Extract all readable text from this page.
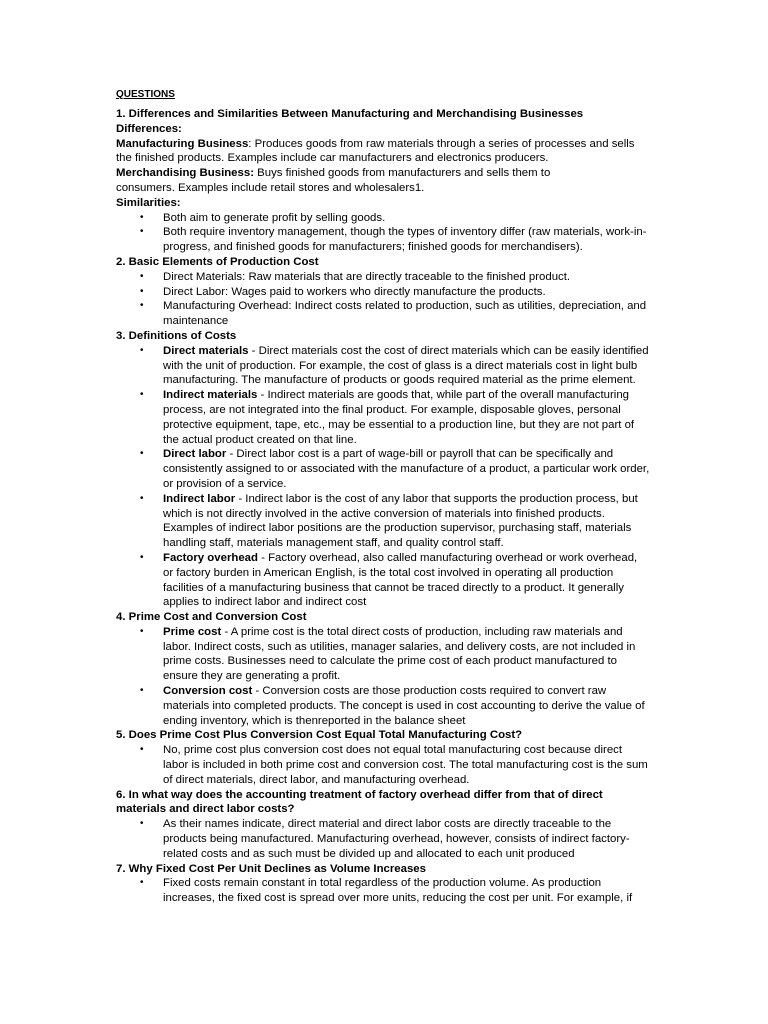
QUESTIONS

1. Differences and Similarities Between Manufacturing and Merchandising Businesses

Differences:

Manufacturing Business: Produces goods from raw materials through a series of processes and sells the finished products. Examples include car manufacturers and electronics producers.

Merchandising Business: Buys finished goods from manufacturers and sells them to

consumers. Examples include retail stores and wholesalers1.

Similarities:

• Both aim to generate profit by selling goods.
• Both require inventory management, though the types of inventory differ (raw materials, work-in-progress, and finished goods for manufacturers; finished goods for merchandisers).

2. Basic Elements of Production Cost

• Direct Materials: Raw materials that are directly traceable to the finished product.
• Direct Labor: Wages paid to workers who directly manufacture the products.
• Manufacturing Overhead: Indirect costs related to production, such as utilities, depreciation, and maintenance

3. Definitions of Costs

• Direct materials - Direct materials cost the cost of direct materials which can be easily identified with the unit of production. For example, the cost of glass is a direct materials cost in light bulb manufacturing. The manufacture of products or goods required material as the prime element.
• Indirect materials - Indirect materials are goods that, while part of the overall manufacturing process, are not integrated into the final product. For example, disposable gloves, personal protective equipment, tape, etc., may be essential to a production line, but they are not part of the actual product created on that line.
• Direct labor - Direct labor cost is a part of wage-bill or payroll that can be specifically and consistently assigned to or associated with the manufacture of a product, a particular work order, or provision of a service.
• Indirect labor - Indirect labor is the cost of any labor that supports the production process, but which is not directly involved in the active conversion of materials into finished products. Examples of indirect labor positions are the production supervisor, purchasing staff, materials handling staff, materials management staff, and quality control staff.
• Factory overhead - Factory overhead, also called manufacturing overhead or work overhead, or factory burden in American English, is the total cost involved in operating all production facilities of a manufacturing business that cannot be traced directly to a product. It generally applies to indirect labor and indirect cost

4. Prime Cost and Conversion Cost

• Prime cost - A prime cost is the total direct costs of production, including raw materials and labor. Indirect costs, such as utilities, manager salaries, and delivery costs, are not included in prime costs. Businesses need to calculate the prime cost of each product manufactured to ensure they are generating a profit.
• Conversion cost - Conversion costs are those production costs required to convert raw materials into completed products. The concept is used in cost accounting to derive the value of ending inventory, which is thenreported in the balance sheet

5. Does Prime Cost Plus Conversion Cost Equal Total Manufacturing Cost?

• No, prime cost plus conversion cost does not equal total manufacturing cost because direct labor is included in both prime cost and conversion cost. The total manufacturing cost is the sum of direct materials, direct labor, and manufacturing overhead.

6. In what way does the accounting treatment of factory overhead differ from that of direct materials and direct labor costs?

• As their names indicate, direct material and direct labor costs are directly traceable to the products being manufactured. Manufacturing overhead, however, consists of indirect factory-related costs and as such must be divided up and allocated to each unit produced

7. Why Fixed Cost Per Unit Declines as Volume Increases

• Fixed costs remain constant in total regardless of the production volume. As production increases, the fixed cost is spread over more units, reducing the cost per unit. For example, if
